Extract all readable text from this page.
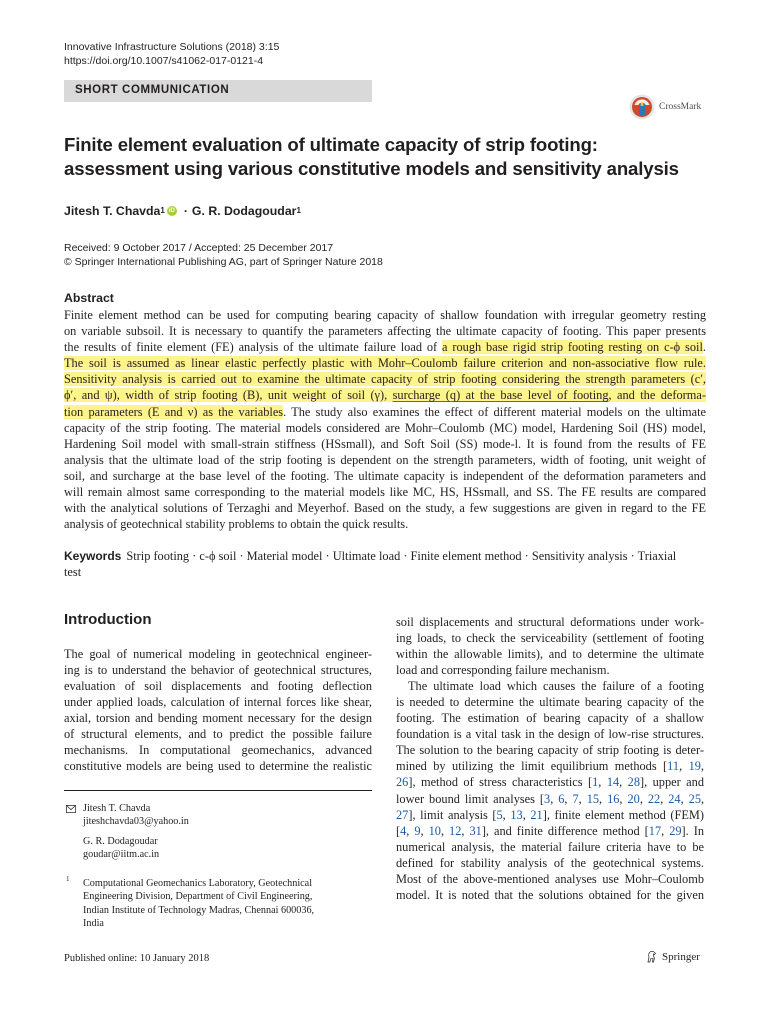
Innovative Infrastructure Solutions (2018) 3:15
https://doi.org/10.1007/s41062-017-0121-4
SHORT COMMUNICATION
CrossMark
Finite element evaluation of ultimate capacity of strip footing:
assessment using various constitutive models and sensitivity analysis
Jitesh T. Chavda$^1$ iD · G. R. Dodagoudar$^1$
Received: 9 October 2017 / Accepted: 25 December 2017
© Springer International Publishing AG, part of Springer Nature 2018
Abstract
Finite element method can be used for computing bearing capacity of shallow foundation with irregular geometry resting
on variable subsoil. It is necessary to quantify the parameters affecting the ultimate capacity of footing. This paper presents
the results of finite element (FE) analysis of the ultimate failure load of a rough base rigid strip footing resting on c-ϕ soil.
The soil is assumed as linear elastic perfectly plastic with Mohr–Coulomb failure criterion and non-associative flow rule.
Sensitivity analysis is carried out to examine the ultimate capacity of strip footing considering the strength parameters (c′,
ϕ′, and ψ), width of strip footing (B), unit weight of soil (γ), surcharge (q) at the base level of footing, and the deforma-
tion parameters (E and ν) as the variables. The study also examines the effect of different material models on the ultimate
capacity of the strip footing. The material models considered are Mohr–Coulomb (MC) model, Hardening Soil (HS) model,
Hardening Soil model with small-strain stiffness (HSsmall), and Soft Soil (SS) mode-l. It is found from the results of FE
analysis that the ultimate load of the strip footing is dependent on the strength parameters, width of footing, unit weight of
soil, and surcharge at the base level of the footing. The ultimate capacity is independent of the deformation parameters and
will remain almost same corresponding to the material models like MC, HS, HSsmall, and SS. The FE results are compared
with the analytical solutions of Terzaghi and Meyerhof. Based on the study, a few suggestions are given in regard to the FE
analysis of geotechnical stability problems to obtain the quick results.
Keywords Strip footing · c-ϕ soil · Material model · Ultimate load · Finite element method · Sensitivity analysis · Triaxial
test
Introduction
The goal of numerical modeling in geotechnical engineer-
ing is to understand the behavior of geotechnical structures,
evaluation of soil displacements and footing deflection
under applied loads, calculation of internal forces like shear,
axial, torsion and bending moment necessary for the design
of structural elements, and to predict the possible failure
mechanisms. In computational geomechanics, advanced
constitutive models are being used to determine the realistic
soil displacements and structural deformations under work-
ing loads, to check the serviceability (settlement of footing
within the allowable limits), and to determine the ultimate
load and corresponding failure mechanism.
The ultimate load which causes the failure of a footing
is needed to determine the ultimate bearing capacity of the
footing. The estimation of bearing capacity of a shallow
foundation is a vital task in the design of low-rise structures.
The solution to the bearing capacity of strip footing is deter-
mined by utilizing the limit equilibrium methods [11, 19,
26], method of stress characteristics [1, 14, 28], upper and
lower bound limit analyses [3, 6, 7, 15, 16, 20, 22, 24, 25,
27], limit analysis [5, 13, 21], finite element method (FEM)
[4, 9, 10, 12, 31], and finite difference method [17, 29]. In
numerical analysis, the material failure criteria have to be
defined for stability analysis of the geotechnical systems.
Most of the above-mentioned analyses use Mohr–Coulomb
model. It is noted that the solutions obtained for the given
Jitesh T. Chavda
jiteshchavda03@yahoo.in
G. R. Dodagoudar
goudar@iitm.ac.in
1 Computational Geomechanics Laboratory, Geotechnical
Engineering Division, Department of Civil Engineering,
Indian Institute of Technology Madras, Chennai 600036,
India
Published online: 10 January 2018	Springer
